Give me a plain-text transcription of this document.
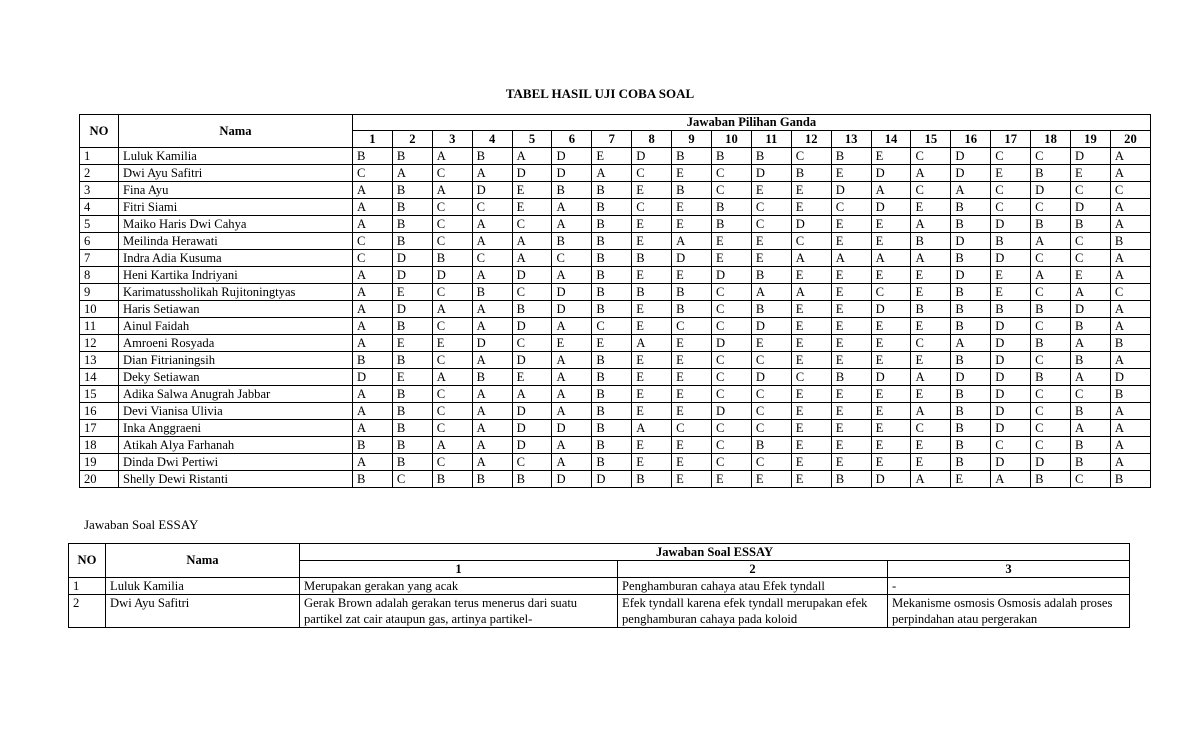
TABEL HASIL UJI COBA SOAL
NO	Nama	Jawaban Pilihan Ganda																			
		1	2	3	4	5	6	7	8	9	10	11	12	13	14	15	16	17	18	19	20
1	Luluk Kamilia	B	B	A	B	A	D	E	D	B	B	B	C	B	E	C	D	C	C	D	A
2	Dwi Ayu Safitri	C	A	C	A	D	D	A	C	E	C	D	B	E	D	A	D	E	B	E	A
3	Fina Ayu	A	B	A	D	E	B	B	E	B	C	E	E	D	A	C	A	C	D	C	C
4	Fitri Siami	A	B	C	C	E	A	B	C	E	B	C	E	C	D	E	B	C	C	D	A
5	Maiko Haris Dwi Cahya	A	B	C	A	C	A	B	E	E	B	C	D	E	E	A	B	D	B	B	A
6	Meilinda Herawati	C	B	C	A	A	B	B	E	A	E	E	C	E	E	B	D	B	A	C	B
7	Indra Adia Kusuma	C	D	B	C	A	C	B	B	D	E	E	A	A	A	A	B	D	C	C	A
8	Heni Kartika Indriyani	A	D	D	A	D	A	B	E	E	D	B	E	E	E	E	D	E	A	E	A
9	Karimatussholikah Rujitoningtyas	A	E	C	B	C	D	B	B	B	C	A	A	E	C	E	B	E	C	A	C
10	Haris Setiawan	A	D	A	A	B	D	B	E	B	C	B	E	E	D	B	B	B	B	D	A
11	Ainul Faidah	A	B	C	A	D	A	C	E	C	C	D	E	E	E	E	B	D	C	B	A
12	Amroeni Rosyada	A	E	E	D	C	E	E	A	E	D	E	E	E	E	C	A	D	B	A	B
13	Dian Fitrianingsih	B	B	C	A	D	A	B	E	E	C	C	E	E	E	E	B	D	C	B	A
14	Deky Setiawan	D	E	A	B	E	A	B	E	E	C	D	C	B	D	A	D	D	B	A	D
15	Adika Salwa Anugrah Jabbar	A	B	C	A	A	A	B	E	E	C	C	E	E	E	E	B	D	C	C	B
16	Devi Vianisa Ulivia	A	B	C	A	D	A	B	E	E	D	C	E	E	E	A	B	D	C	B	A
17	Inka Anggraeni	A	B	C	A	D	D	B	A	C	C	C	E	E	E	C	B	D	C	A	A
18	Atikah Alya Farhanah	B	B	A	A	D	A	B	E	E	C	B	E	E	E	E	B	C	C	B	A
19	Dinda Dwi Pertiwi	A	B	C	A	C	A	B	E	E	C	C	E	E	E	E	B	D	D	B	A
20	Shelly Dewi Ristanti	B	C	B	B	B	D	D	B	E	E	E	E	B	D	A	E	A	B	C	B
Jawaban Soal ESSAY
NO	Nama	Jawaban Soal ESSAY		
		1	2	3
1	Luluk Kamilia	Merupakan gerakan yang acak	Penghamburan cahaya atau Efek tyndall	-

2	Dwi Ayu Safitri	Gerak Brown adalah gerakan terus menerus dari suatu partikel zat cair ataupun gas, artinya partikel-	Efek tyndall karena efek tyndall merupakan efek penghamburan cahaya pada koloid	Mekanisme osmosis Osmosis adalah proses perpindahan atau pergerakan
